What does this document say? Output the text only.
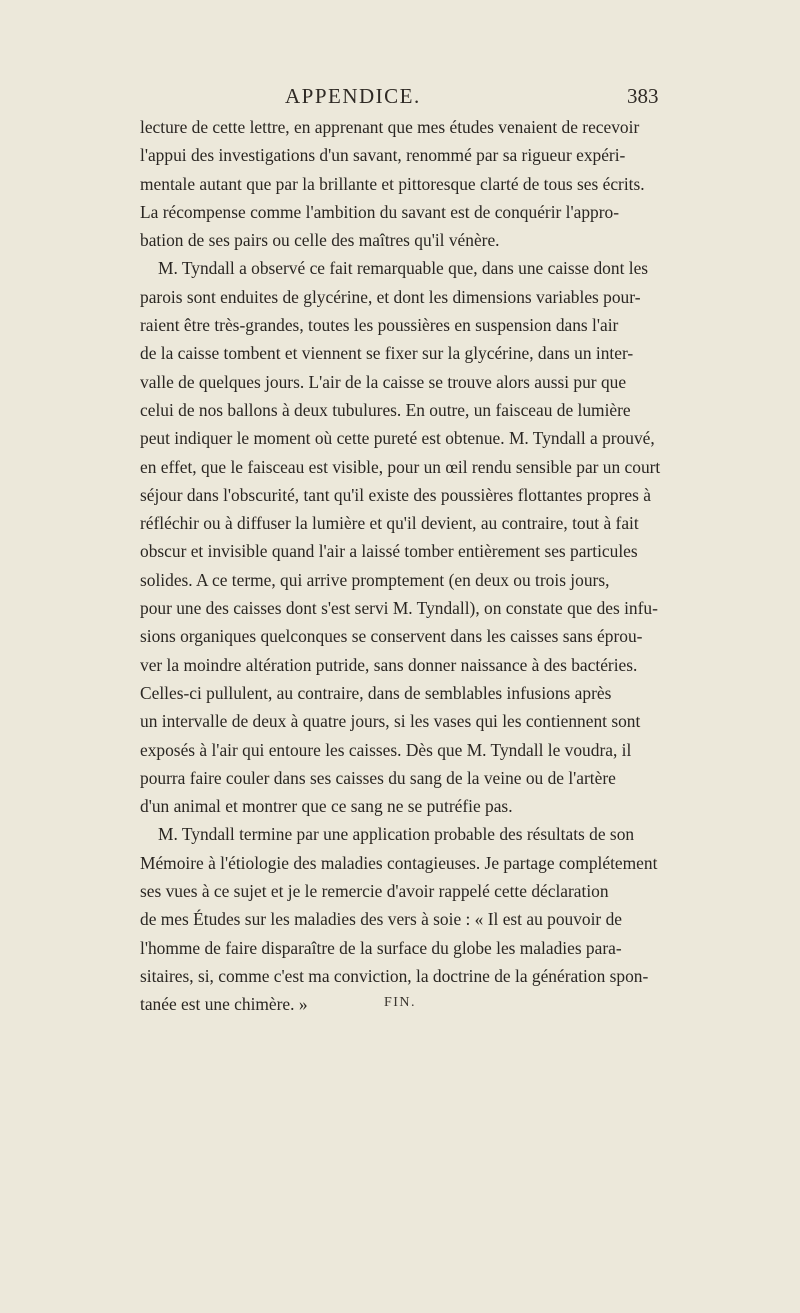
APPENDICE.	383
lecture de cette lettre, en apprenant que mes études venaient de recevoir
l'appui des investigations d'un savant, renommé par sa rigueur expéri-
mentale autant que par la brillante et pittoresque clarté de tous ses écrits.
La récompense comme l'ambition du savant est de conquérir l'appro-
bation de ses pairs ou celle des maîtres qu'il vénère.
M. Tyndall a observé ce fait remarquable que, dans une caisse dont les
parois sont enduites de glycérine, et dont les dimensions variables pour-
raient être très-grandes, toutes les poussières en suspension dans l'air
de la caisse tombent et viennent se fixer sur la glycérine, dans un inter-
valle de quelques jours. L'air de la caisse se trouve alors aussi pur que
celui de nos ballons à deux tubulures. En outre, un faisceau de lumière
peut indiquer le moment où cette pureté est obtenue. M. Tyndall a prouvé,
en effet, que le faisceau est visible, pour un œil rendu sensible par un court
séjour dans l'obscurité, tant qu'il existe des poussières flottantes propres à
réfléchir ou à diffuser la lumière et qu'il devient, au contraire, tout à fait
obscur et invisible quand l'air a laissé tomber entièrement ses particules
solides. A ce terme, qui arrive promptement (en deux ou trois jours,
pour une des caisses dont s'est servi M. Tyndall), on constate que des infu-
sions organiques quelconques se conservent dans les caisses sans éprou-
ver la moindre altération putride, sans donner naissance à des bactéries.
Celles-ci pullulent, au contraire, dans de semblables infusions après
un intervalle de deux à quatre jours, si les vases qui les contiennent sont
exposés à l'air qui entoure les caisses. Dès que M. Tyndall le voudra, il
pourra faire couler dans ses caisses du sang de la veine ou de l'artère
d'un animal et montrer que ce sang ne se putréfie pas.
M. Tyndall termine par une application probable des résultats de son
Mémoire à l'étiologie des maladies contagieuses. Je partage complétement
ses vues à ce sujet et je le remercie d'avoir rappelé cette déclaration
de mes Études sur les maladies des vers à soie : « Il est au pouvoir de
l'homme de faire disparaître de la surface du globe les maladies para-
sitaires, si, comme c'est ma conviction, la doctrine de la génération spon-
tanée est une chimère. »	FIN.
